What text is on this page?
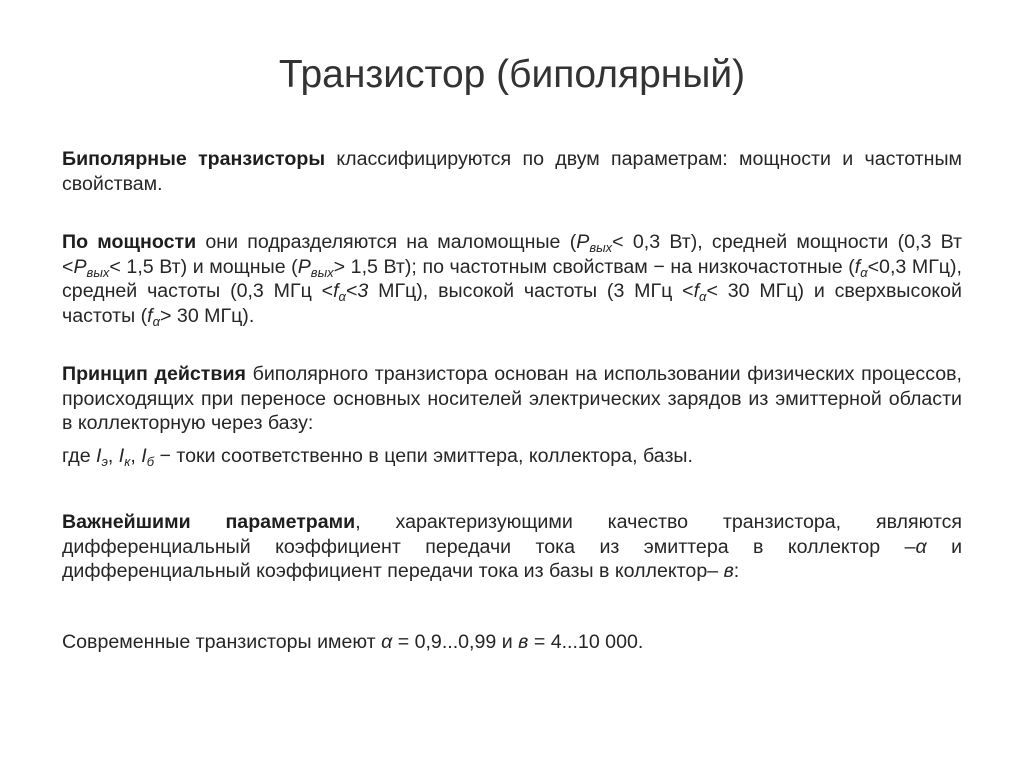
Транзистор (биполярный)

Биполярные транзисторы классифицируются по двум параметрам: мощности и частотным свойствам.

По мощности они подразделяются на маломощные ($P_{вых}< 0,3$ Вт), средней мощности (0,3 Вт $<P_{вых}< 1,5$ Вт) и мощные ($P_{вых}> 1,5$ Вт); по частотным свойствам − на низкочастотные ($f_\alpha<0,3$ МГц), средней частоты (0,3 МГц $<f_\alpha<3$ МГц), высокой частоты (3 МГц $<f_\alpha< 30$ МГц) и сверхвысокой частоты ($f_\alpha> 30$ МГц).

Принцип действия биполярного транзистора основан на использовании физических процессов, происходящих при переносе основных носителей электрических зарядов из эмиттерной области в коллекторную через базу:

где $I_э$, $I_к$, $I_б$ − токи соответственно в цепи эмиттера, коллектора, базы.

Важнейшими параметрами, характеризующими качество транзистора, являются дифференциальный коэффициент передачи тока из эмиттера в коллектор –α и дифференциальный коэффициент передачи тока из базы в коллектор– в:

Современные транзисторы имеют α = 0,9...0,99 и в = 4...10 000.
